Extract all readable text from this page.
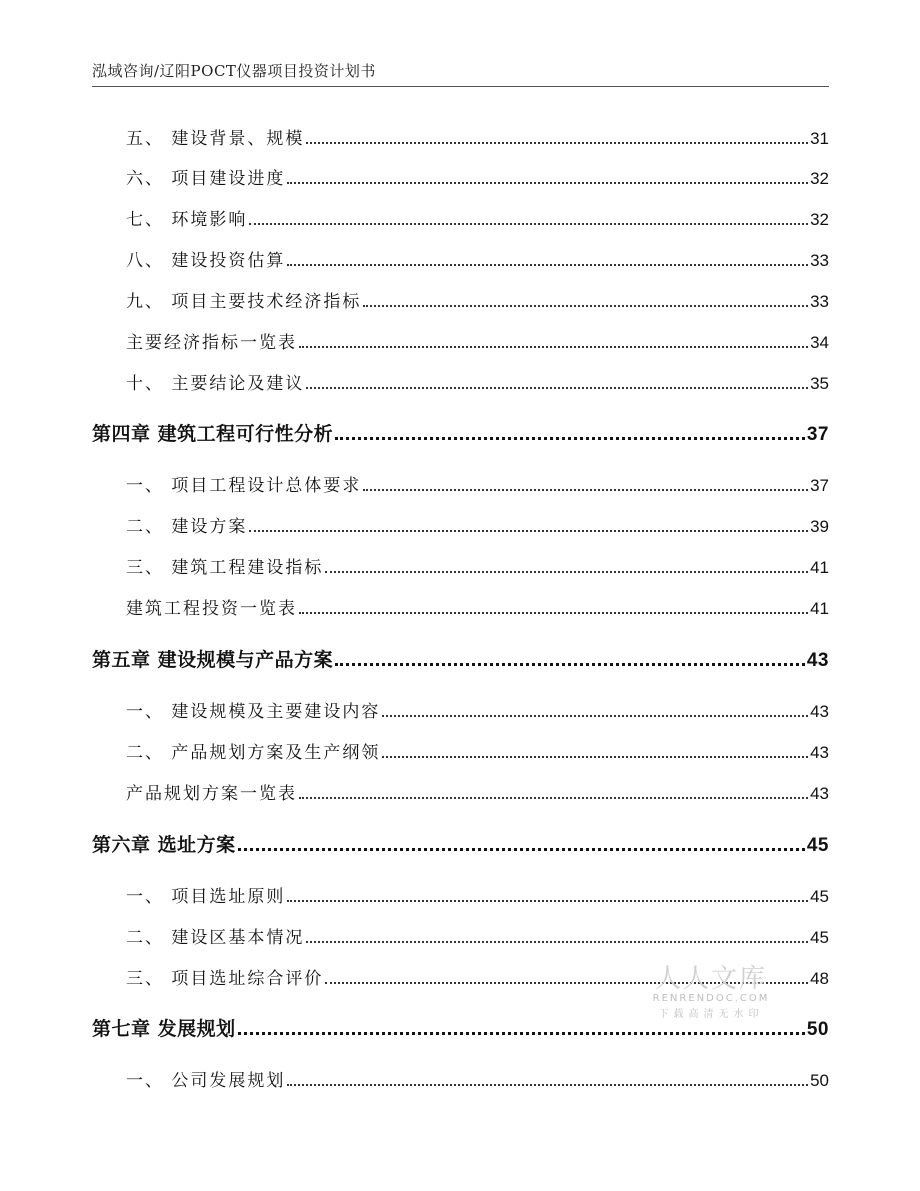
泓域咨询/辽阳POCT仪器项目投资计划书
五、 建设背景、规模	31
六、 项目建设进度	32
七、 环境影响	32
八、 建设投资估算	33
九、 项目主要技术经济指标	33
主要经济指标一览表	34
十、 主要结论及建议	35
第四章 建筑工程可行性分析	37
一、 项目工程设计总体要求	37
二、 建设方案	39
三、 建筑工程建设指标	41
建筑工程投资一览表	41
第五章 建设规模与产品方案	43
一、 建设规模及主要建设内容	43
二、 产品规划方案及生产纲领	43
产品规划方案一览表	43
第六章 选址方案	45
一、 项目选址原则	45
二、 建设区基本情况	45
三、 项目选址综合评价	48
第七章 发展规划	50
一、 公司发展规划	50
人人文库
RENRENDOC.COM
下载高清无水印
